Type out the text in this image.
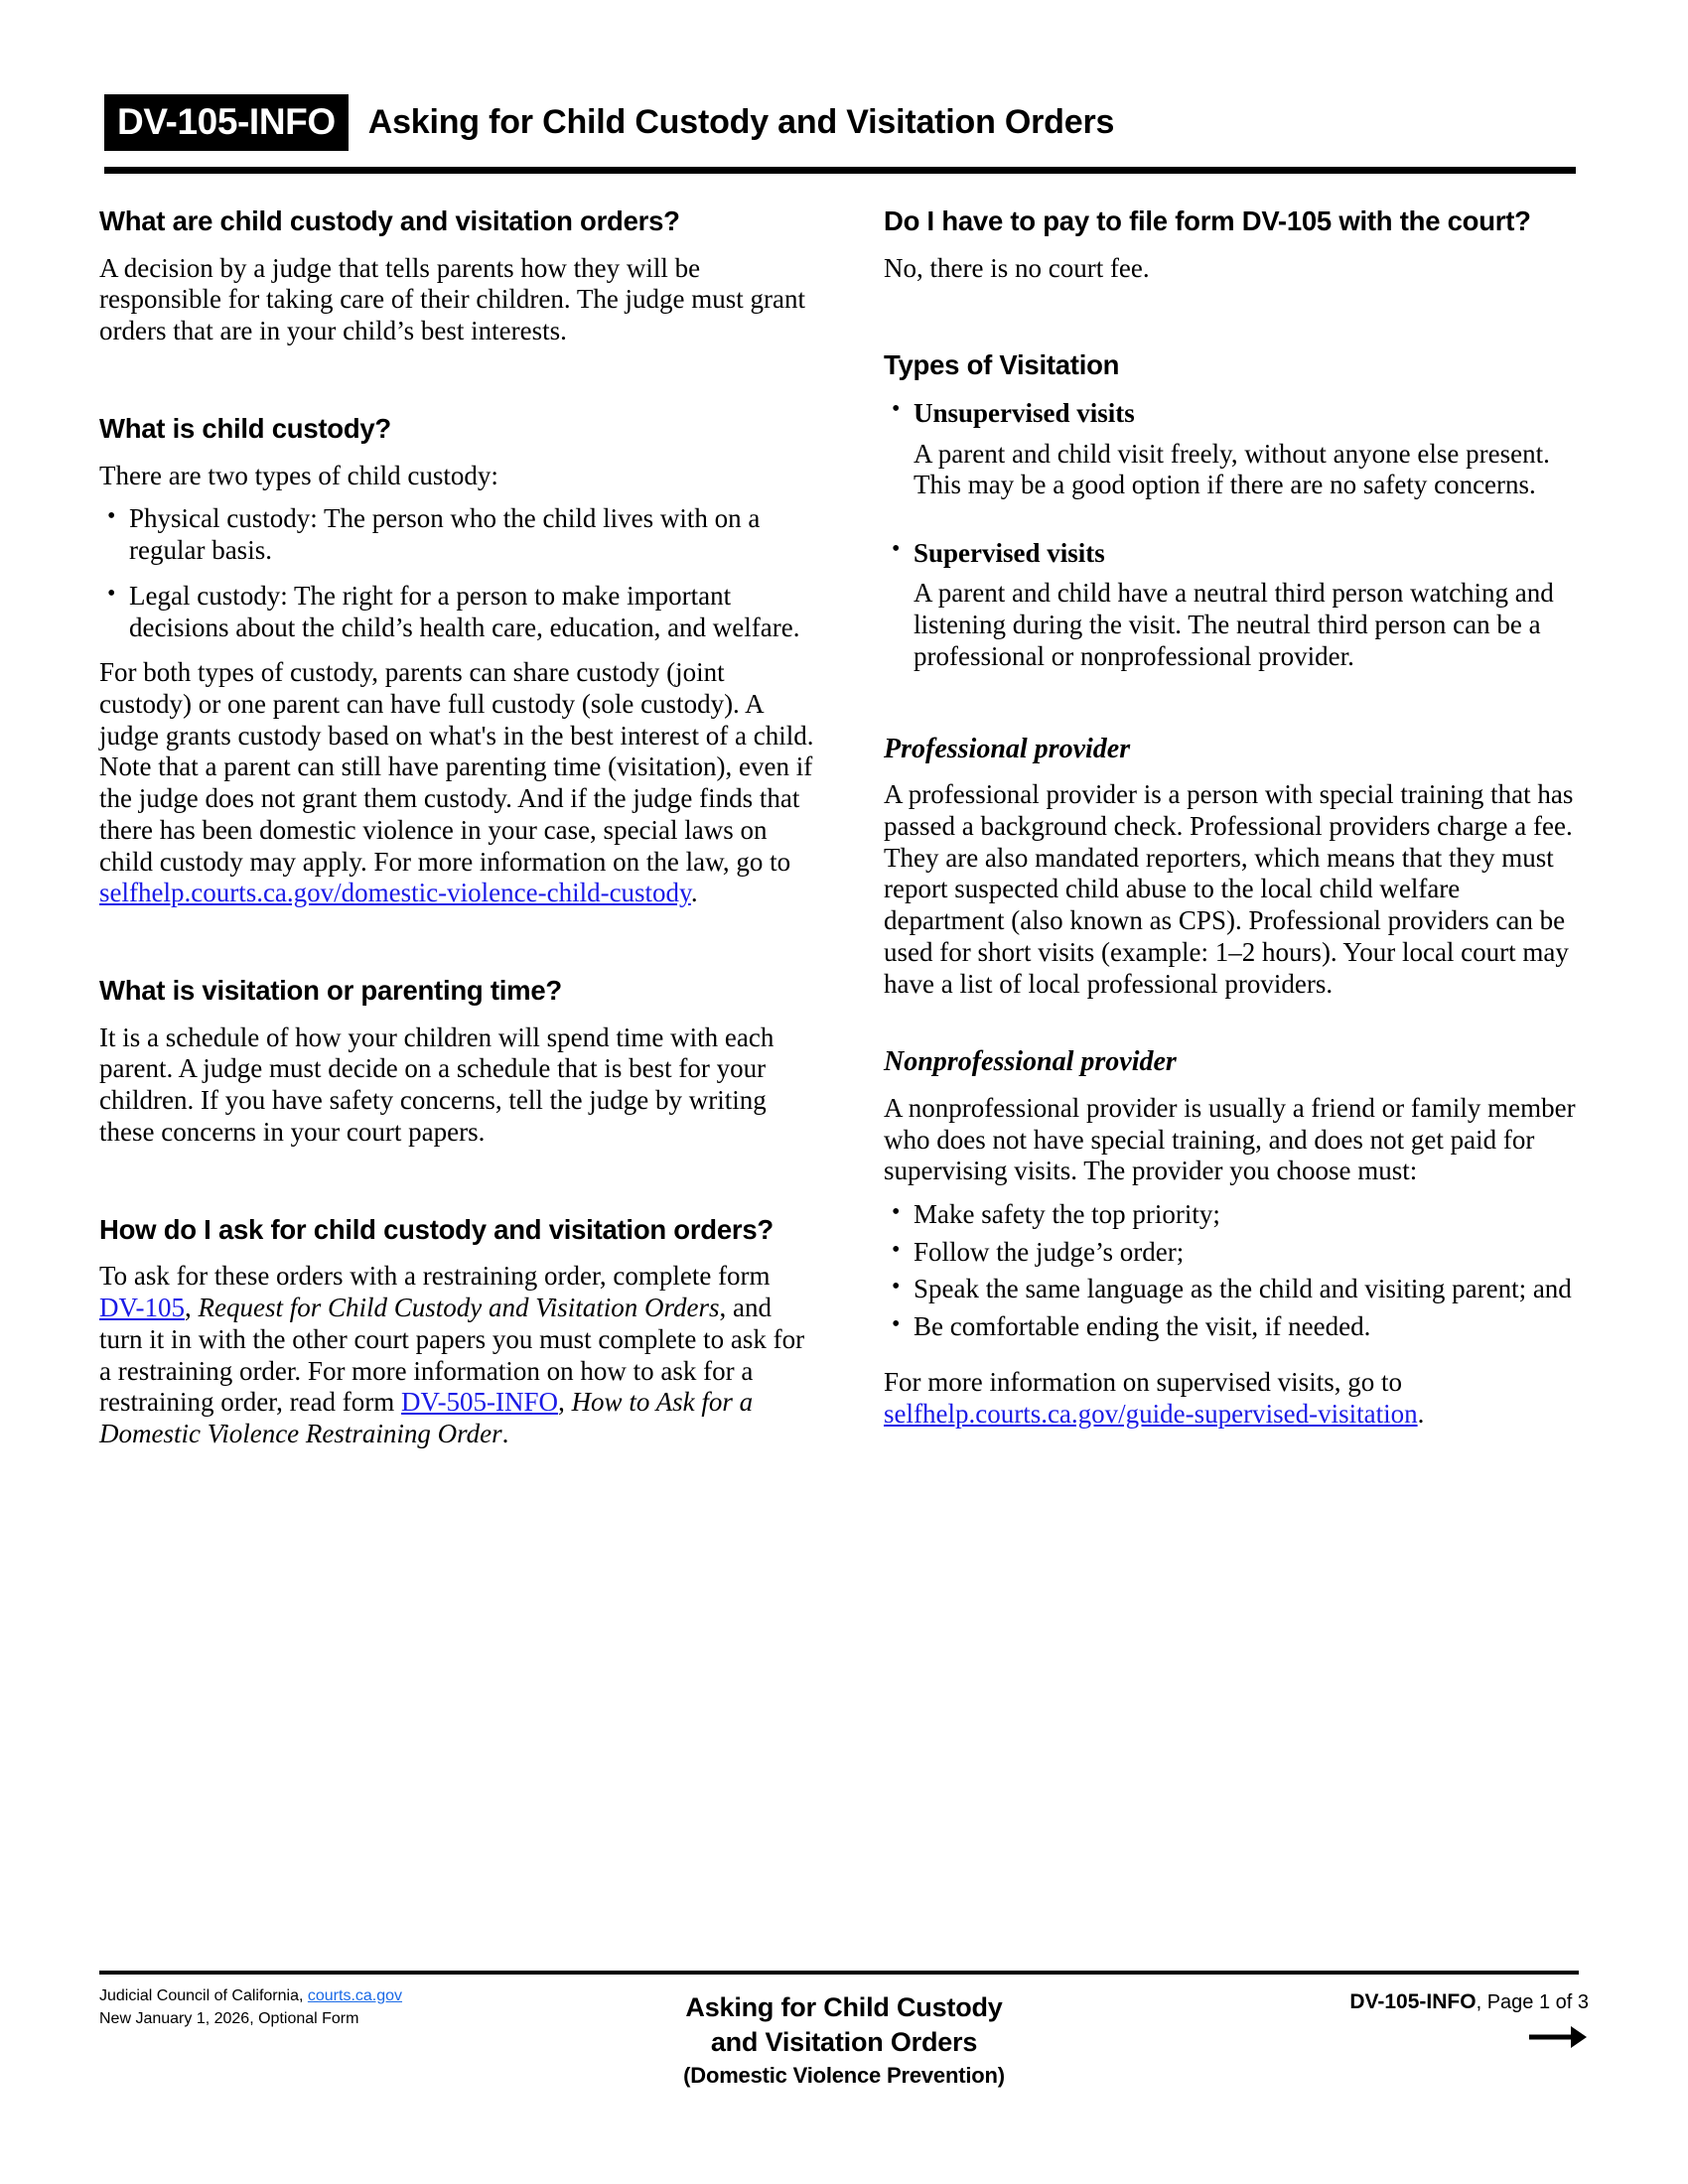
DV-105-INFO Asking for Child Custody and Visitation Orders
What are child custody and visitation orders?

A decision by a judge that tells parents how they will be responsible for taking care of their children. The judge must grant orders that are in your child’s best interests.

What is child custody?

There are two types of child custody:

• Physical custody: The person who the child lives with on a regular basis.
• Legal custody: The right for a person to make important decisions about the child’s health care, education, and welfare.

For both types of custody, parents can share custody (joint custody) or one parent can have full custody (sole custody). A judge grants custody based on what's in the best interest of a child. Note that a parent can still have parenting time (visitation), even if the judge does not grant them custody. And if the judge finds that there has been domestic violence in your case, special laws on child custody may apply. For more information on the law, go to selfhelp.courts.ca.gov/domestic-violence-child-custody.

What is visitation or parenting time?

It is a schedule of how your children will spend time with each parent. A judge must decide on a schedule that is best for your children. If you have safety concerns, tell the judge by writing these concerns in your court papers.

How do I ask for child custody and visitation orders?

To ask for these orders with a restraining order, complete form DV-105, Request for Child Custody and Visitation Orders, and turn it in with the other court papers you must complete to ask for a restraining order. For more information on how to ask for a restraining order, read form DV-505-INFO, How to Ask for a Domestic Violence Restraining Order.

Do I have to pay to file form DV-105 with the court?

No, there is no court fee.

Types of Visitation
• Unsupervised visits
A parent and child visit freely, without anyone else present. This may be a good option if there are no safety concerns.
• Supervised visits
A parent and child have a neutral third person watching and listening during the visit. The neutral third person can be a professional or nonprofessional provider.
Professional provider

A professional provider is a person with special training that has passed a background check. Professional providers charge a fee. They are also mandated reporters, which means that they must report suspected child abuse to the local child welfare department (also known as CPS). Professional providers can be used for short visits (example: 1–2 hours). Your local court may have a list of local professional providers.

Nonprofessional provider

A nonprofessional provider is usually a friend or family member who does not have special training, and does not get paid for supervising visits. The provider you choose must:

• Make safety the top priority;
• Follow the judge’s order;
• Speak the same language as the child and visiting parent; and
• Be comfortable ending the visit, if needed.

For more information on supervised visits, go to selfhelp.courts.ca.gov/guide-supervised-visitation.

Judicial Council of California, courts.ca.gov
New January 1, 2026, Optional Form	Asking for Child Custody
and Visitation Orders
(Domestic Violence Prevention)
DV-105-INFO, Page 1 of 3
